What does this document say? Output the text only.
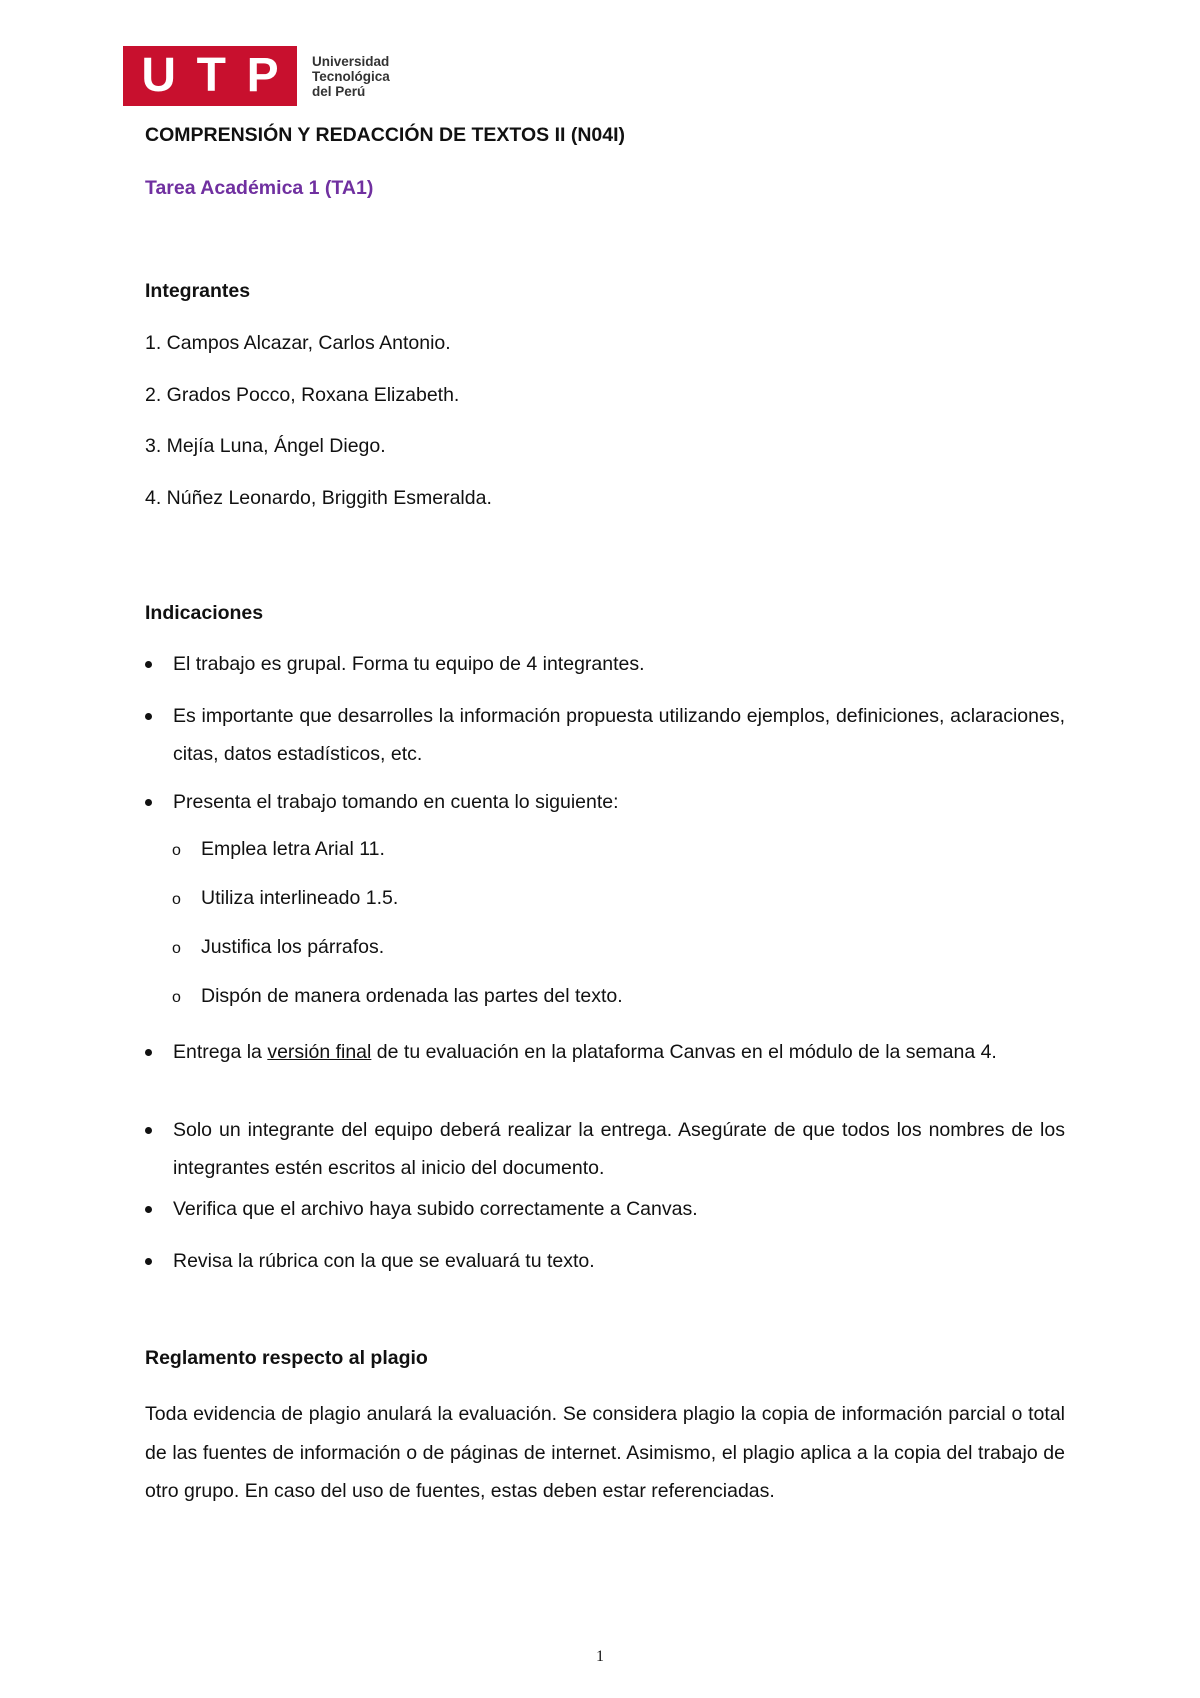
U T P Universidad
Tecnológica
del Perú
COMPRENSIÓN Y REDACCIÓN DE TEXTOS II (N04I)
Tarea Académica 1 (TA1)
Integrantes

1. Campos Alcazar, Carlos Antonio.

2. Grados Pocco, Roxana Elizabeth.

3. Mejía Luna, Ángel Diego.

4. Núñez Leonardo, Briggith Esmeralda.

Indicaciones
El trabajo es grupal. Forma tu equipo de 4 integrantes.
Es importante que desarrolles la información propuesta utilizando ejemplos, definiciones, aclaraciones, citas, datos estadísticos, etc.
Presenta el trabajo tomando en cuenta lo siguiente:
o Emplea letra Arial 11.
o Utiliza interlineado 1.5.
o Justifica los párrafos.
o Dispón de manera ordenada las partes del texto.
Entrega la versión final de tu evaluación en la plataforma Canvas en el módulo de la semana 4.
Solo un integrante del equipo deberá realizar la entrega. Asegúrate de que todos los nombres de los integrantes estén escritos al inicio del documento.
Verifica que el archivo haya subido correctamente a Canvas.
Revisa la rúbrica con la que se evaluará tu texto.
Reglamento respecto al plagio

Toda evidencia de plagio anulará la evaluación. Se considera plagio la copia de información parcial o total de las fuentes de información o de páginas de internet. Asimismo, el plagio aplica a la copia del trabajo de otro grupo. En caso del uso de fuentes, estas deben estar referenciadas.

1
